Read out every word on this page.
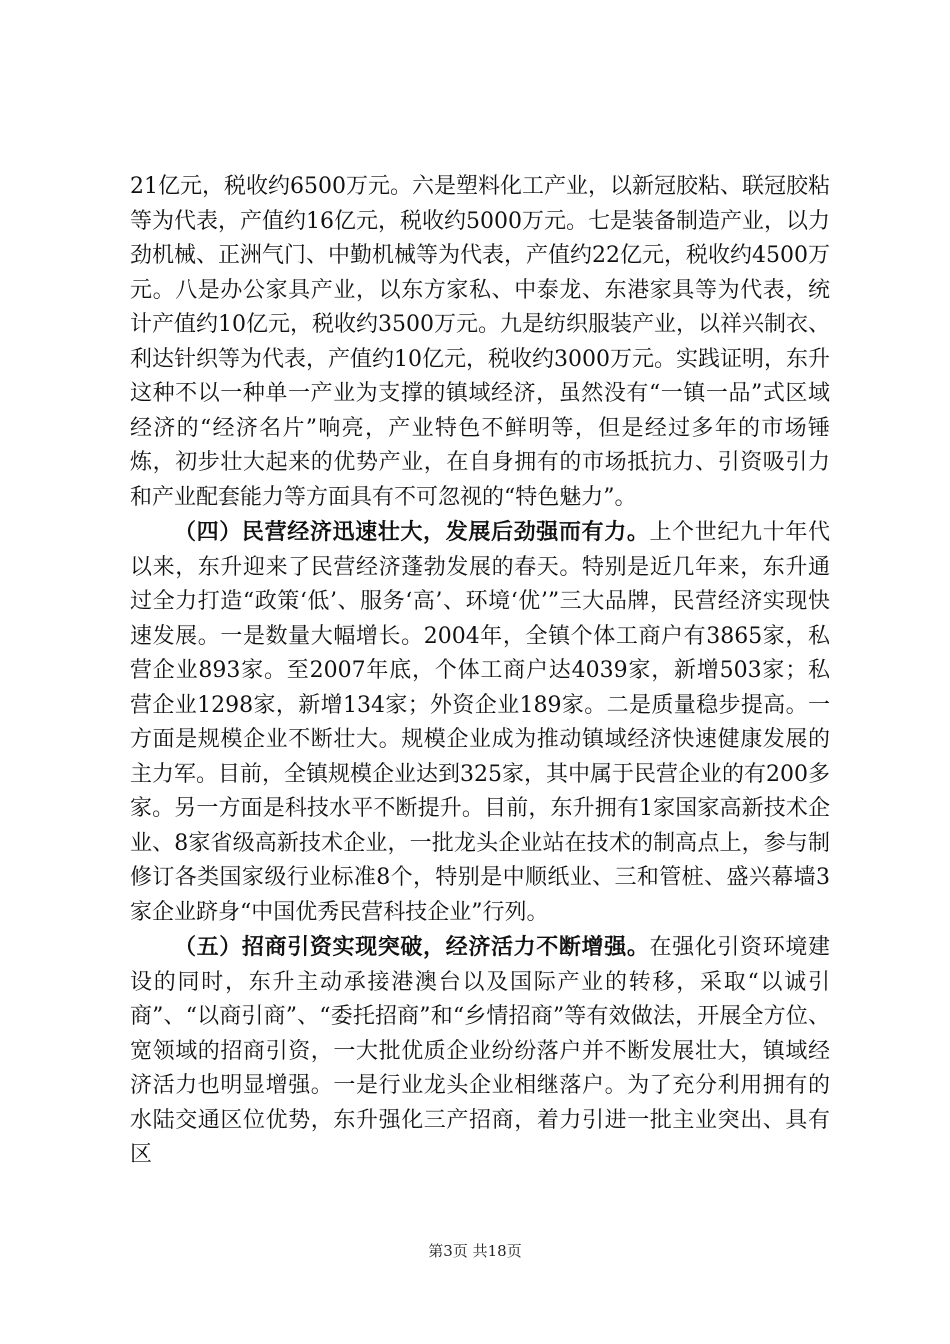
21亿元，税收约6500万元。六是塑料化工产业，以新冠胶粘、联冠胶粘等为代表，产值约16亿元，税收约5000万元。七是装备制造产业，以力劲机械、正洲气门、中勤机械等为代表，产值约22亿元，税收约4500万元。八是办公家具产业，以东方家私、中泰龙、东港家具等为代表，统计产值约10亿元，税收约3500万元。九是纺织服装产业，以祥兴制衣、利达针织等为代表，产值约10亿元，税收约3000万元。实践证明，东升这种不以一种单一产业为支撑的镇域经济，虽然没有“一镇一品”式区域经济的“经济名片”响亮，产业特色不鲜明等，但是经过多年的市场锤炼，初步壮大起来的优势产业，在自身拥有的市场抵抗力、引资吸引力和产业配套能力等方面具有不可忽视的“特色魅力”。

（四）民营经济迅速壮大，发展后劲强而有力。上个世纪九十年代以来，东升迎来了民营经济蓬勃发展的春天。特别是近几年来，东升通过全力打造“政策‘低’、服务‘高’、环境‘优’”三大品牌，民营经济实现快速发展。一是数量大幅增长。2004年，全镇个体工商户有3865家，私营企业893家。至2007年底，个体工商户达4039家，新增503家；私营企业1298家，新增134家；外资企业189家。二是质量稳步提高。一方面是规模企业不断壮大。规模企业成为推动镇域经济快速健康发展的主力军。目前，全镇规模企业达到325家，其中属于民营企业的有200多家。另一方面是科技水平不断提升。目前，东升拥有1家国家高新技术企业、8家省级高新技术企业，一批龙头企业站在技术的制高点上，参与制修订各类国家级行业标准8个，特别是中顺纸业、三和管桩、盛兴幕墙3家企业跻身“中国优秀民营科技企业”行列。

（五）招商引资实现突破，经济活力不断增强。在强化引资环境建设的同时，东升主动承接港澳台以及国际产业的转移，采取“以诚引商”、“以商引商”、“委托招商”和“乡情招商”等有效做法，开展全方位、宽领域的招商引资，一大批优质企业纷纷落户并不断发展壮大，镇域经济活力也明显增强。一是行业龙头企业相继落户。为了充分利用拥有的水陆交通区位优势，东升强化三产招商，着力引进一批主业突出、具有区

第3页 共18页
